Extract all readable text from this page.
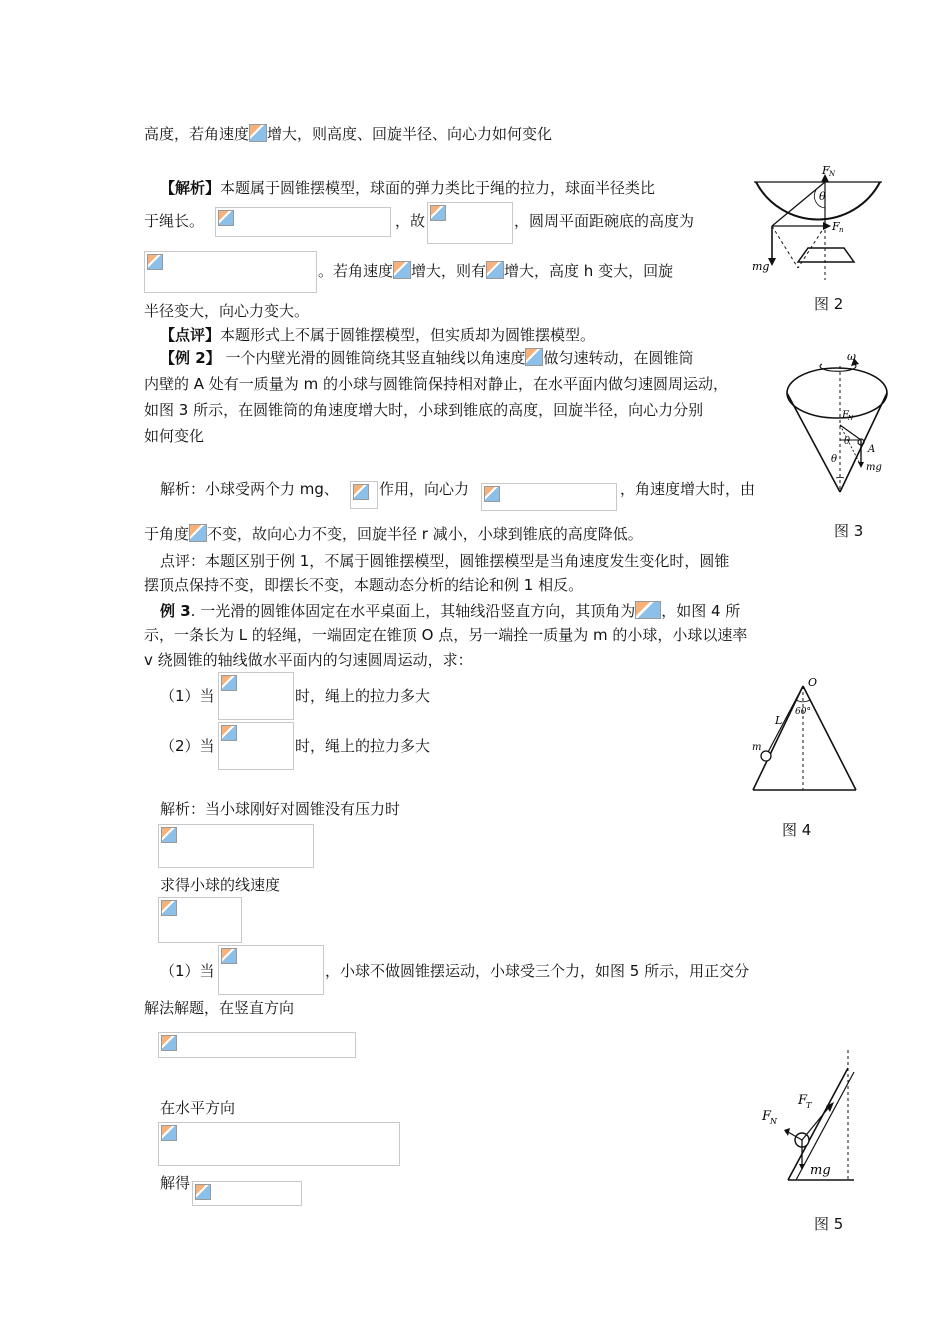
高度，若角速度 增大，则高度、回旋半径、向心力如何变化
【解析】本题属于圆锥摆模型，球面的弹力类比于绳的拉力，球面半径类比
于绳长。	，故	，圆周平面距碗底的高度为
。若角速度 增大，则有 增大，高度 h 变大，回旋
半径变大，向心力变大。
【点评】本题形式上不属于圆锥摆模型，但实质却为圆锥摆模型。
【例 2】 一个内壁光滑的圆锥筒绕其竖直轴线以角速度 做匀速转动，在圆锥筒
内壁的 A 处有一质量为 m 的小球与圆锥筒保持相对静止，在水平面内做匀速圆周运动，
如图 3 所示，在圆锥筒的角速度增大时，小球到锥底的高度，回旋半径，向心力分别
如何变化
解析：小球受两个力 mg、	作用，向心力	，角速度增大时，由
于角度 不变，故向心力不变，回旋半径 r 减小，小球到锥底的高度降低。
点评：本题区别于例 1，不属于圆锥摆模型，圆锥摆模型是当角速度发生变化时，圆锥
摆顶点保持不变，即摆长不变，本题动态分析的结论和例 1 相反。
例 3. 一光滑的圆锥体固定在水平桌面上，其轴线沿竖直方向，其顶角为 ，如图 4 所
示，一条长为 L 的轻绳，一端固定在锥顶 O 点，另一端拴一质量为 m 的小球，小球以速率
v 绕圆锥的轴线做水平面内的匀速圆周运动，求：
（1）当	时，绳上的拉力多大
（2）当	时，绳上的拉力多大
解析：当小球刚好对圆锥没有压力时
求得小球的线速度
（1）当	，小球不做圆锥摆运动，小球受三个力，如图 5 所示，用正交分
解法解题，在竖直方向
在水平方向
解得
F N
θ
F n
mg
图 2
ω
F N
θ
A
θ
mg
图 3
O
L
60°
m
图 4
F
T
F
N
mg
图 5
